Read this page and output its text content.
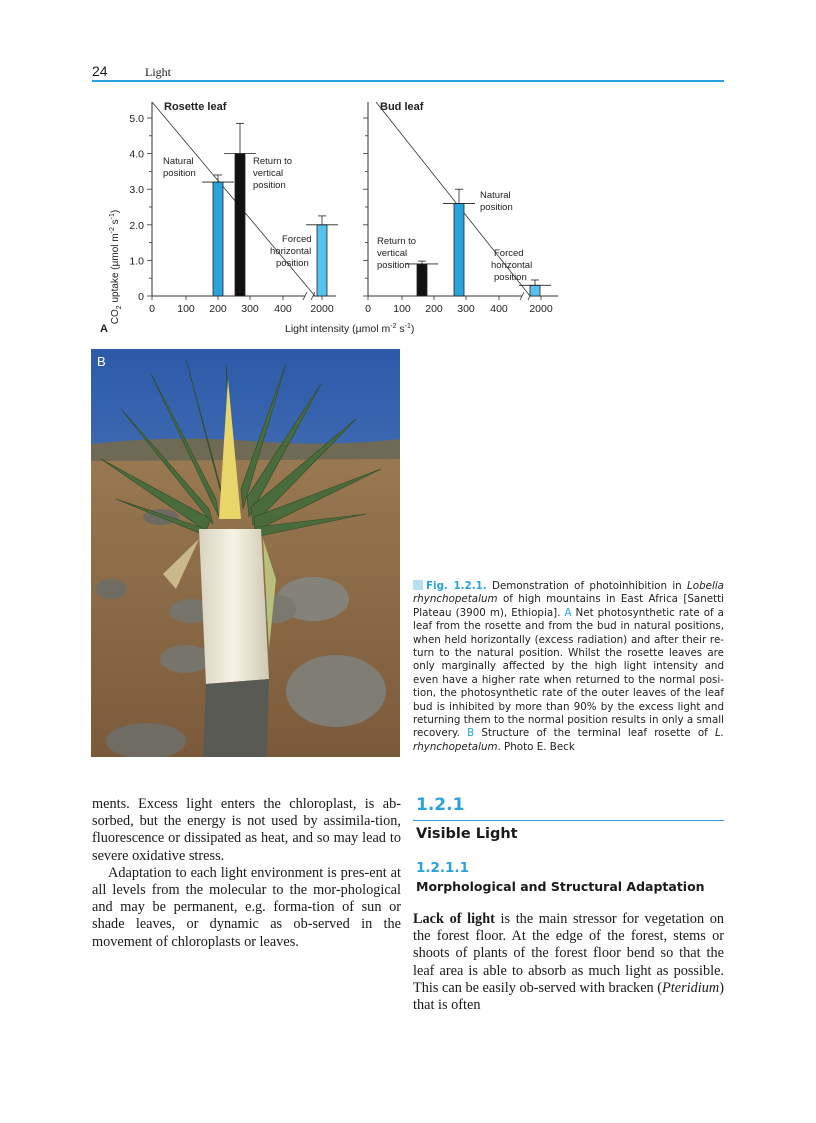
24	Light
0
1.0
2.0
3.0
4.0
5.0
0 100 200 300 400 2000
Rosette leaf
Natural
position
Return to
vertical
position
Forced
horizontal
position
0 100 200 300 400 2000
Bud leaf
Natural
position
Return to
vertical
position
Forced
horizontal
position
$CO_2$ uptake (µmol $m^{-2}$ $s^{-1}$)
Light intensity (µmol $m^{-2}$ $s^{-1}$)
A
B
Fig. 1.2.1. Demonstration of photoinhibition in Lobelia rhynchopetalum of high mountains in East Africa [Sanetti Plateau (3900 m), Ethiopia]. A Net photosynthetic rate of a leaf from the rosette and from the bud in natural positions, when held horizontally (excess radiation) and after their re-turn to the natural position. Whilst the rosette leaves are only marginally affected by the high light intensity and even have a higher rate when returned to the normal posi-tion, the photosynthetic rate of the outer leaves of the leaf bud is inhibited by more than 90% by the excess light and returning them to the normal position results in only a small recovery. B Structure of the terminal leaf rosette of L. rhynchopetalum. Photo E. Beck

ments. Excess light enters the chloroplast, is ab-sorbed, but the energy is not used by assimila-tion, fluorescence or dissipated as heat, and so may lead to severe oxidative stress.

Adaptation to each light environment is pres-ent at all levels from the molecular to the mor-phological and may be permanent, e.g. forma-tion of sun or shade leaves, or dynamic as ob-served in the movement of chloroplasts or leaves.

1.2.1
Visible Light
1.2.1.1
Morphological and Structural Adaptation

Lack of light is the main stressor for vegetation on the forest floor. At the edge of the forest, stems or shoots of plants of the forest floor bend so that the leaf area is able to absorb as much light as possible. This can be easily ob-served with bracken (Pteridium) that is often
